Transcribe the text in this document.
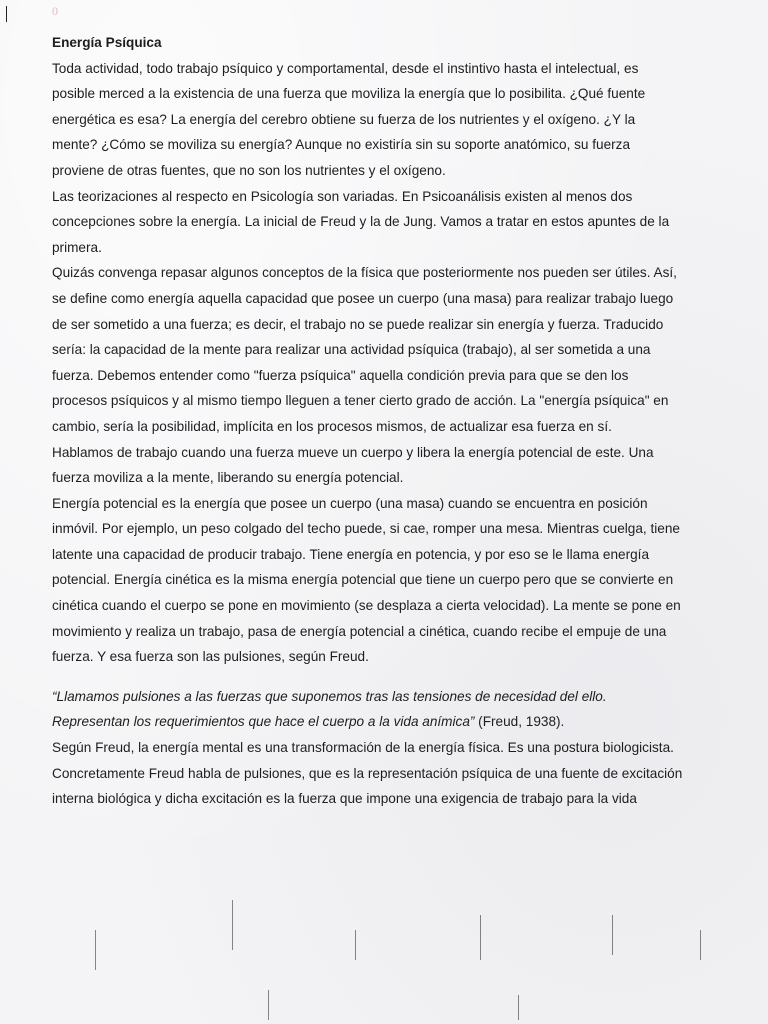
0
Energía Psíquica
Toda actividad, todo trabajo psíquico y comportamental, desde el instintivo hasta el intelectual, es
posible merced a la existencia de una fuerza que moviliza la energía que lo posibilita. ¿Qué fuente
energética es esa? La energía del cerebro obtiene su fuerza de los nutrientes y el oxígeno. ¿Y la
mente? ¿Cómo se moviliza su energía? Aunque no existiría sin su soporte anatómico, su fuerza
proviene de otras fuentes, que no son los nutrientes y el oxígeno.
Las teorizaciones al respecto en Psicología son variadas. En Psicoanálisis existen al menos dos
concepciones sobre la energía. La inicial de Freud y la de Jung. Vamos a tratar en estos apuntes de la
primera.
Quizás convenga repasar algunos conceptos de la física que posteriormente nos pueden ser útiles. Así,
se define como energía aquella capacidad que posee un cuerpo (una masa) para realizar trabajo luego
de ser sometido a una fuerza; es decir, el trabajo no se puede realizar sin energía y fuerza. Traducido
sería: la capacidad de la mente para realizar una actividad psíquica (trabajo), al ser sometida a una
fuerza. Debemos entender como "fuerza psíquica" aquella condición previa para que se den los
procesos psíquicos y al mismo tiempo lleguen a tener cierto grado de acción. La "energía psíquica" en
cambio, sería la posibilidad, implícita en los procesos mismos, de actualizar esa fuerza en sí.
Hablamos de trabajo cuando una fuerza mueve un cuerpo y libera la energía potencial de este. Una
fuerza moviliza a la mente, liberando su energía potencial.
Energía potencial es la energía que posee un cuerpo (una masa) cuando se encuentra en posición
inmóvil. Por ejemplo, un peso colgado del techo puede, si cae, romper una mesa. Mientras cuelga, tiene
latente una capacidad de producir trabajo. Tiene energía en potencia, y por eso se le llama energía
potencial. Energía cinética es la misma energía potencial que tiene un cuerpo pero que se convierte en
cinética cuando el cuerpo se pone en movimiento (se desplaza a cierta velocidad). La mente se pone en
movimiento y realiza un trabajo, pasa de energía potencial a cinética, cuando recibe el empuje de una
fuerza. Y esa fuerza son las pulsiones, según Freud.
“Llamamos pulsiones a las fuerzas que suponemos tras las tensiones de necesidad del ello.
Representan los requerimientos que hace el cuerpo a la vida anímica” (Freud, 1938).
Según Freud, la energía mental es una transformación de la energía física. Es una postura biologicista.
Concretamente Freud habla de pulsiones, que es la representación psíquica de una fuente de excitación
interna biológica y dicha excitación es la fuerza que impone una exigencia de trabajo para la vida
